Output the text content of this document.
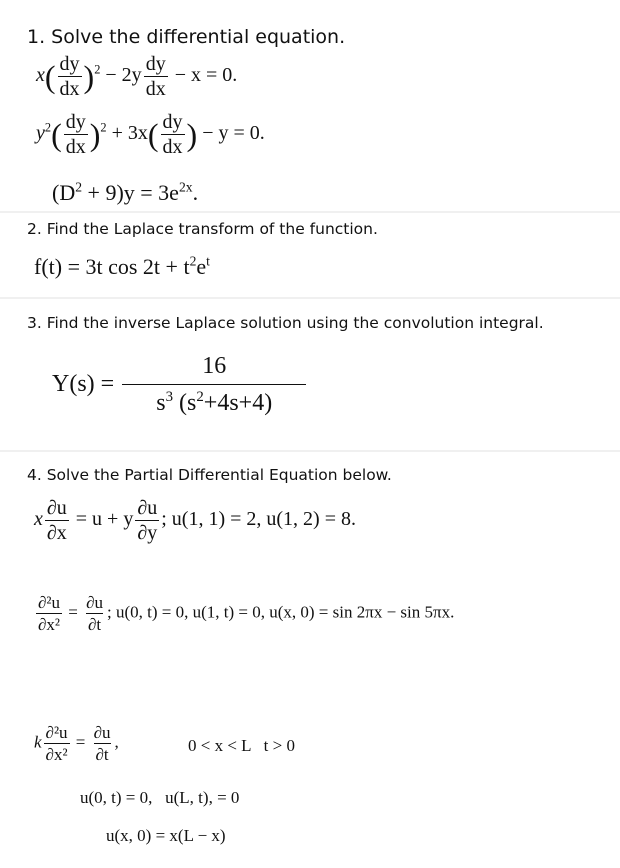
1. Solve the differential equation.
$x( \frac{dy}{dx} )^2 - 2y \frac{dy}{dx} - x = 0$.
$y^2( \frac{dy}{dx} )^2 + 3x( \frac{dy}{dx}$ ) − y = 0.
$(D^2 + 9)y = 3e^{2x}$.
2. Find the Laplace transform of the function.
f(t) = 3t $\cos 2t + t^2e^t$
3. Find the inverse Laplace solution using the convolution integral.
$Y(s) = \frac{16}{s^3 (s^2+4s+4)}$
4. Solve the Partial Differential Equation below.
x $\frac{\partial u}{\partial x} = u + y \frac{\partial u}{\partial y}$ ; u(1, 1) = 2, u(1, 2) = 8.
$\frac{\text{∂²u}}{\text{∂x²}} = \frac{\partial u}{\partial t}$ ; u(0, t) = 0, u(1, t) = 0, u(x, 0) = sin 2πx − sin 5πx.
k $\frac{\text{∂²u}}{\text{∂x²}} = \frac{\partial u}{\partial t}$ ,	0 < x < L   t > 0
u(0, t) = 0,   u(L, t), = 0
u(x, 0) = x(L − x)
